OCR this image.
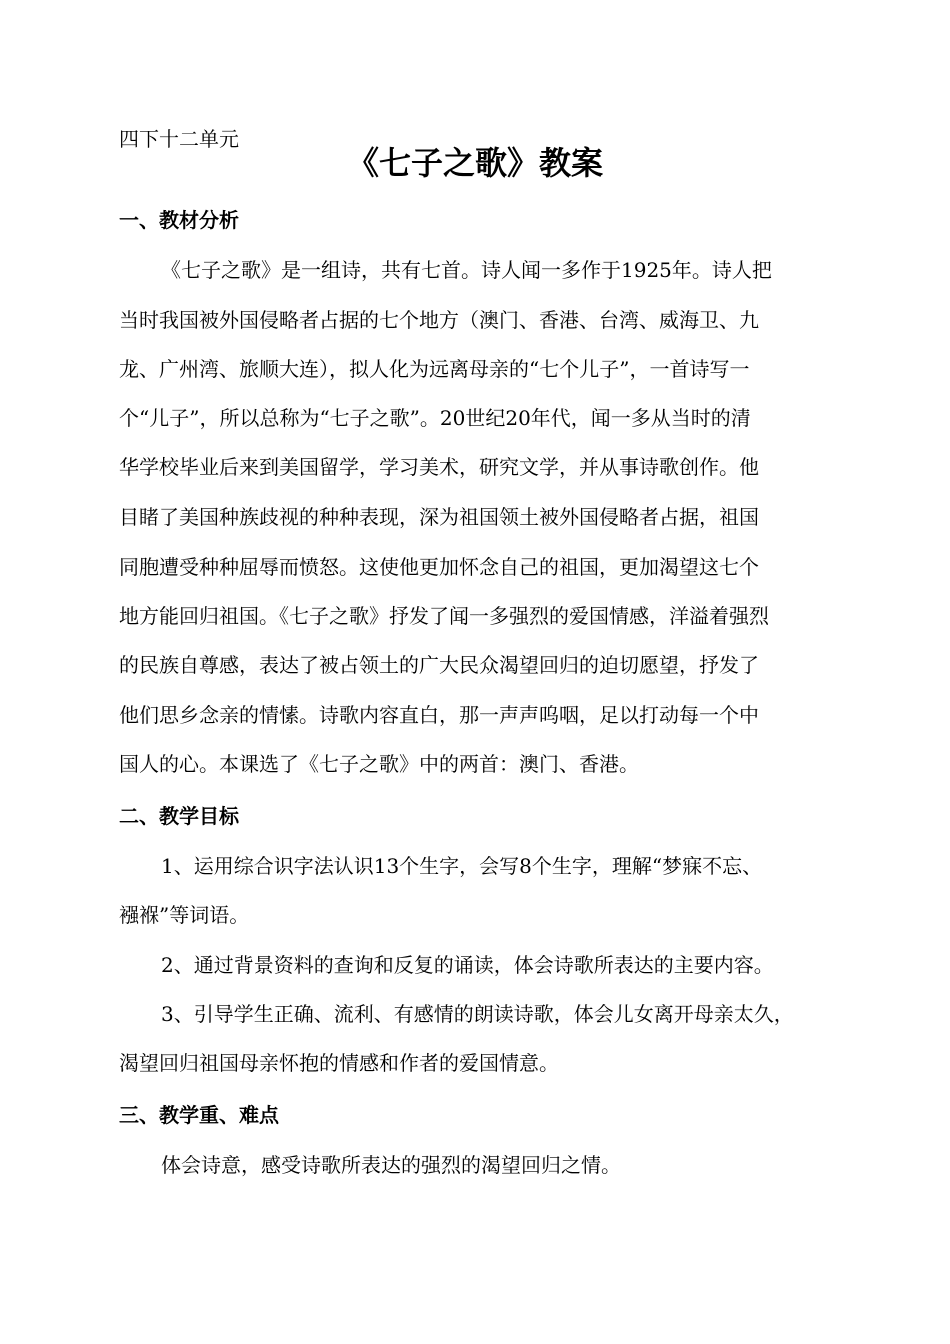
四下十二单元
《七子之歌》教案
一、教材分析
《七子之歌》是一组诗，共有七首。诗人闻一多作于1925年。诗人把
当时我国被外国侵略者占据的七个地方（澳门、香港、台湾、威海卫、九
龙、广州湾、旅顺大连），拟人化为远离母亲的“七个儿子”，一首诗写一
个“儿子”，所以总称为“七子之歌”。20世纪20年代，闻一多从当时的清
华学校毕业后来到美国留学，学习美术，研究文学，并从事诗歌创作。他
目睹了美国种族歧视的种种表现，深为祖国领土被外国侵略者占据，祖国
同胞遭受种种屈辱而愤怒。这使他更加怀念自己的祖国，更加渴望这七个
地方能回归祖国。《七子之歌》抒发了闻一多强烈的爱国情感，洋溢着强烈
的民族自尊感，表达了被占领土的广大民众渴望回归的迫切愿望，抒发了
他们思乡念亲的情愫。诗歌内容直白，那一声声呜咽，足以打动每一个中
国人的心。本课选了《七子之歌》中的两首：澳门、香港。
二、教学目标
1、运用综合识字法认识13个生字，会写8个生字，理解“梦寐不忘、
襁褓”等词语。
2、通过背景资料的查询和反复的诵读，体会诗歌所表达的主要内容。
3、引导学生正确、流利、有感情的朗读诗歌，体会儿女离开母亲太久，
渴望回归祖国母亲怀抱的情感和作者的爱国情意。
三、教学重、难点
体会诗意，感受诗歌所表达的强烈的渴望回归之情。
